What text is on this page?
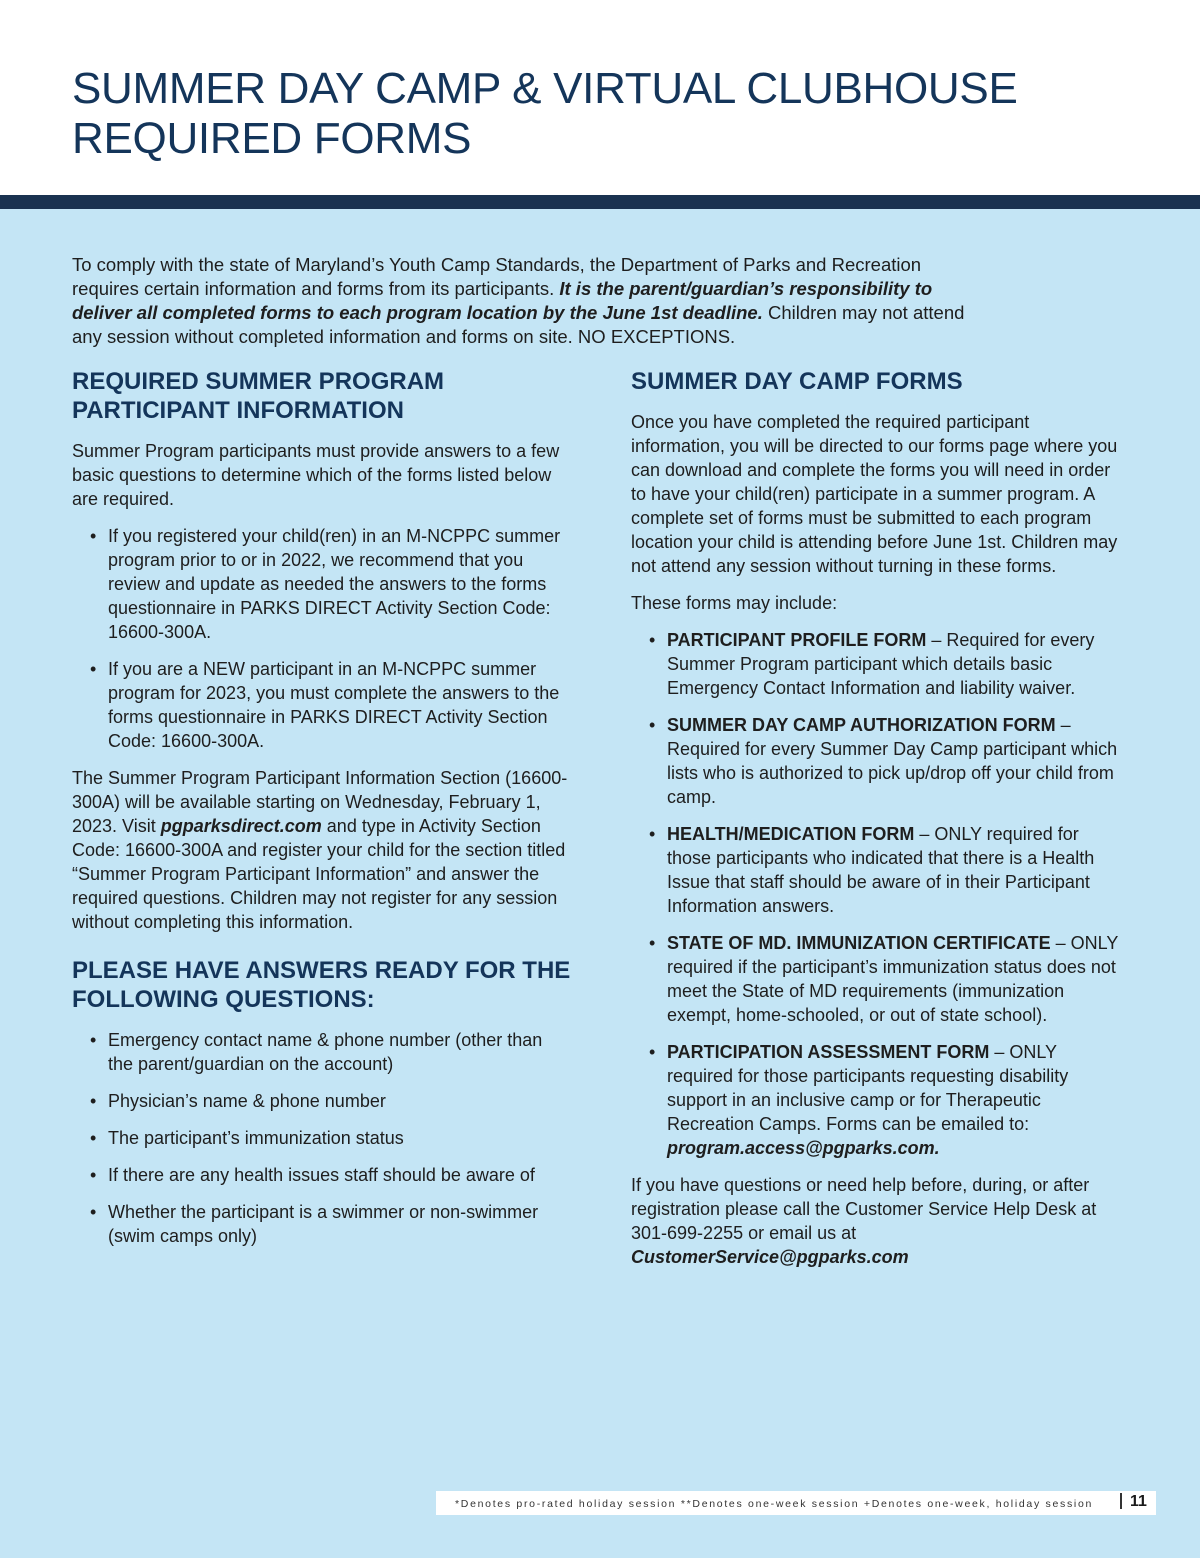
SUMMER DAY CAMP & VIRTUAL CLUBHOUSE
REQUIRED FORMS
To comply with the state of Maryland’s Youth Camp Standards, the Department of Parks and Recreation requires certain information and forms from its participants. It is the parent/guardian’s responsibility to deliver all completed forms to each program location by the June 1st deadline. Children may not attend any session without completed information and forms on site. NO EXCEPTIONS.
REQUIRED SUMMER PROGRAM PARTICIPANT INFORMATION

Summer Program participants must provide answers to a few basic questions to determine which of the forms listed below are required.

• If you registered your child(ren) in an M-NCPPC summer program prior to or in 2022, we recommend that you review and update as needed the answers to the forms questionnaire in PARKS DIRECT Activity Section Code: 16600-300A.
• If you are a NEW participant in an M-NCPPC summer program for 2023, you must complete the answers to the forms questionnaire in PARKS DIRECT Activity Section Code: 16600-300A.

The Summer Program Participant Information Section (16600-300A) will be available starting on Wednesday, February 1, 2023. Visit pgparksdirect.com and type in Activity Section Code: 16600-300A and register your child for the section titled “Summer Program Participant Information” and answer the required questions. Children may not register for any session without completing this information.

PLEASE HAVE ANSWERS READY FOR THE FOLLOWING QUESTIONS:
• Emergency contact name & phone number (other than the parent/guardian on the account)
• Physician’s name & phone number
• The participant’s immunization status
• If there are any health issues staff should be aware of
• Whether the participant is a swimmer or non-swimmer (swim camps only)
SUMMER DAY CAMP FORMS

Once you have completed the required participant information, you will be directed to our forms page where you can download and complete the forms you will need in order to have your child(ren) participate in a summer program. A complete set of forms must be submitted to each program location your child is attending before June 1st. Children may not attend any session without turning in these forms.

These forms may include:

• PARTICIPANT PROFILE FORM – Required for every Summer Program participant which details basic Emergency Contact Information and liability waiver.
• SUMMER DAY CAMP AUTHORIZATION FORM – Required for every Summer Day Camp participant which lists who is authorized to pick up/drop off your child from camp.
• HEALTH/MEDICATION FORM – ONLY required for those participants who indicated that there is a Health Issue that staff should be aware of in their Participant Information answers.
• STATE OF MD. IMMUNIZATION CERTIFICATE – ONLY required if the participant’s immunization status does not meet the State of MD requirements (immunization exempt, home-schooled, or out of state school).
• PARTICIPATION ASSESSMENT FORM – ONLY required for those participants requesting disability support in an inclusive camp or for Therapeutic Recreation Camps. Forms can be emailed to: program.access@pgparks.com.

If you have questions or need help before, during, or after registration please call the Customer Service Help Desk at 301-699-2255 or email us at CustomerService@pgparks.com

*Denotes pro-rated holiday session **Denotes one-week session +Denotes one-week, holiday session 11
